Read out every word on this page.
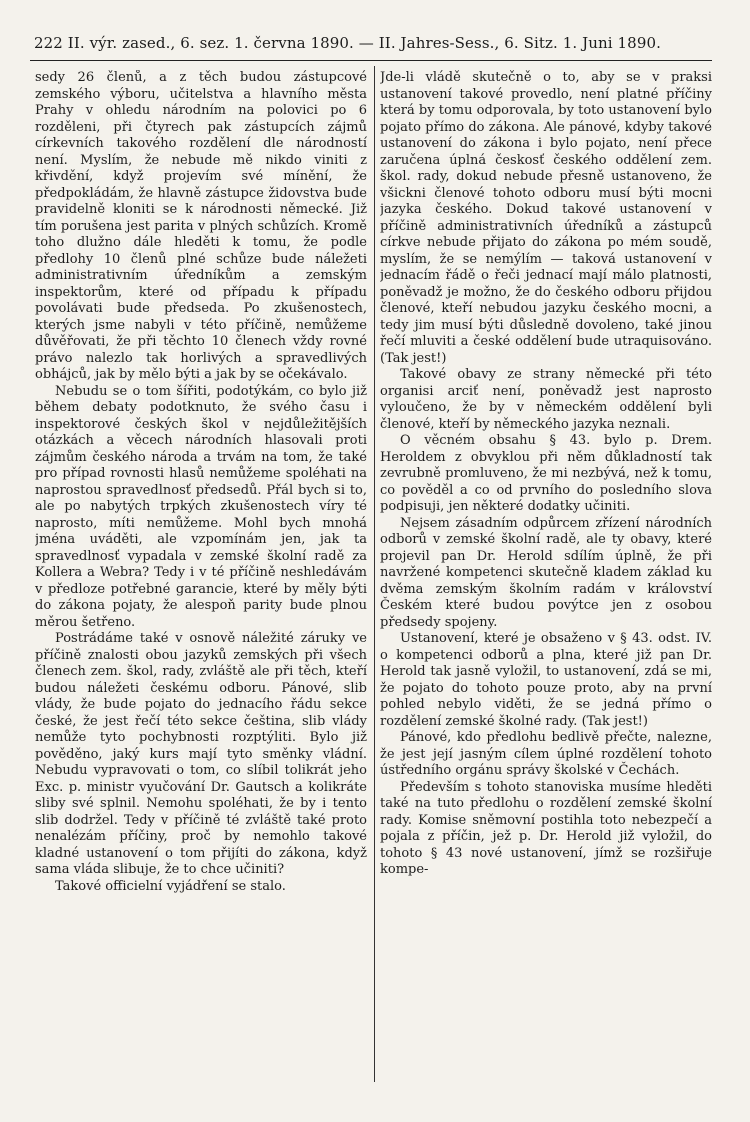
222 II. výr. zased., 6. sez. 1. června 1890. — II. Jahres-Sess., 6. Sitz. 1. Juni 1890.

sedy 26 členů, a z těch budou zástupcové zemského výboru, učitelstva a hlavního města Prahy v ohledu národním na polovici po 6 rozděleni, při čtyrech pak zástupcích zájmů církevních takového rozdělení dle národností není. Myslím, že nebude mě nikdo viniti z křivdění, když projevím své mínění, že předpokládám, že hlavně zástupce židovstva bude pravidelně kloniti se k národnosti německé. Již tím porušena jest parita v plných schůzích. Kromě toho dlužno dále hleděti k tomu, že podle předlohy 10 členů plné schůze bude náležeti administrativním úředníkům a zemským inspektorům, které od případu k případu povolávati bude předseda. Po zkušenostech, kterých jsme nabyli v této příčině, nemůžeme důvěřovati, že při těchto 10 členech vždy rovné právo nalezlo tak horlivých a spravedlivých obhájců, jak by mělo býti a jak by se očekávalo.

Nebudu se o tom šířiti, podotýkám, co bylo již během debaty podotknuto, že svého času i inspektorové českých škol v nejdůležitějších otázkách a věcech národních hlasovali proti zájmům českého národa a trvám na tom, že také pro případ rovnosti hlasů nemůžeme spoléhati na naprostou spravedlnosť předsedů. Přál bych si to, ale po nabytých trpkých zkušenostech víry té naprosto, míti nemůžeme. Mohl bych mnohá jména uváděti, ale vzpomínám jen, jak ta spravedlnosť vypadala v zemské školní radě za Kollera a Webra? Tedy i v té příčině neshledávám v předloze potřebné garancie, které by měly býti do zákona pojaty, že alespoň parity bude plnou měrou šetřeno.

Postrádáme také v osnově náležité záruky ve příčině znalosti obou jazyků zemských při všech členech zem. škol, rady, zvláště ale při těch, kteří budou náležeti českému odboru. Pánové, slib vlády, že bude pojato do jednacího řádu sekce české, že jest řečí této sekce čeština, slib vlády nemůže tyto pochybnosti rozptýliti. Bylo již pověděno, jaký kurs mají tyto směnky vládní. Nebudu vypravovati o tom, co slíbil tolikrát jeho Exc. p. ministr vyučování Dr. Gautsch a kolikráte sliby své splnil. Nemohu spoléhati, že by i tento slib dodržel. Tedy v příčině té zvláště také proto nenalézám příčiny, proč by nemohlo takové kladné ustanovení o tom přijíti do zákona, když sama vláda slibuje, že to chce učiniti?

Takové officielní vyjádření se stalo.

Jde-li vládě skutečně o to, aby se v praksi ustanovení takové provedlo, není platné příčiny která by tomu odporovala, by toto ustanovení bylo pojato přímo do zákona. Ale pánové, kdyby takové ustanovení do zákona i bylo pojato, není přece zaručena úplná českosť českého oddělení zem. škol. rady, dokud nebude přesně ustanoveno, že všickni členové tohoto odboru musí býti mocni jazyka českého. Dokud takové ustanovení v příčině administrativních úředníků a zástupců církve nebude přijato do zákona po mém soudě, myslím, že se nemýlím — taková ustanovení v jednacím řádě o řeči jednací mají málo platnosti, poněvadž je možno, že do českého odboru přijdou členové, kteří nebudou jazyku českého mocni, a tedy jim musí býti důsledně dovoleno, také jinou řečí mluviti a české oddělení bude utraquisováno. (Tak jest!)

Takové obavy ze strany německé při této organisi arciť není, poněvadž jest naprosto vyloučeno, že by v německém oddělení byli členové, kteří by německého jazyka neznali.

O věcném obsahu § 43. bylo p. Drem. Heroldem z obvyklou při něm důkladností tak zevrubně promluveno, že mi nezbývá, než k tomu, co pověděl a co od prvního do posledního slova podpisuji, jen některé dodatky učiniti.

Nejsem zásadním odpůrcem zřízení národních odborů v zemské školní radě, ale ty obavy, které projevil pan Dr. Herold sdílím úplně, že při navržené kompetenci skutečně kladem základ ku dvěma zemským školním radám v království Českém které budou povýtce jen z osobou předsedy spojeny.

Ustanovení, které je obsaženo v § 43. odst. IV. o kompetenci odborů a plna, které již pan Dr. Herold tak jasně vyložil, to ustanovení, zdá se mi, že pojato do tohoto pouze proto, aby na první pohled nebylo viděti, že se jedná přímo o rozdělení zemské školné rady. (Tak jest!)

Pánové, kdo předlohu bedlivě přečte, nalezne, že jest její jasným cílem úplné rozdělení tohoto ústředního orgánu správy školské v Čechách.

Především s tohoto stanoviska musíme hleděti také na tuto předlohu o rozdělení zemské školní rady. Komise sněmovní postihla toto nebezpečí a pojala z příčin, jež p. Dr. Herold již vyložil, do tohoto § 43 nové ustanovení, jímž se rozšiřuje kompe-
